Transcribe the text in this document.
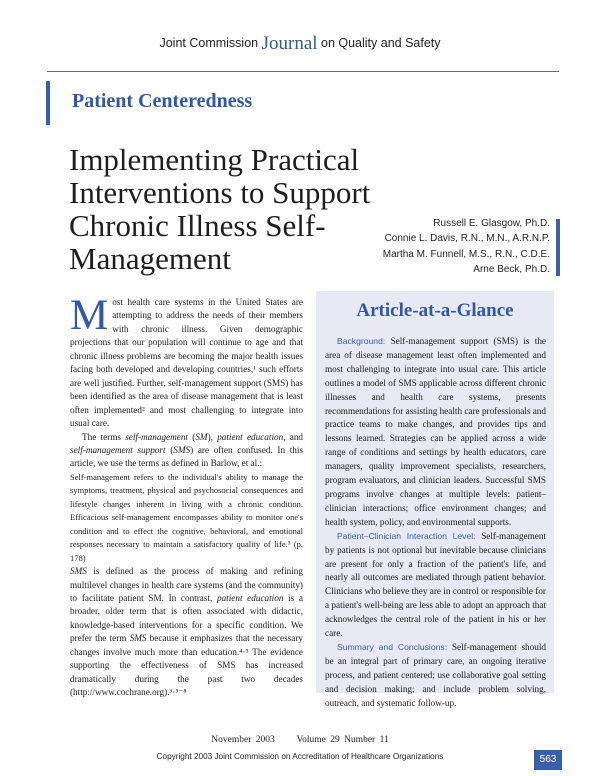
Joint Commission Journal on Quality and Safety
Patient Centeredness
Implementing Practical Interventions to Support Chronic Illness Self-Management
Russell E. Glasgow, Ph.D.
Connie L. Davis, R.N., M.N., A.R.N.P.
Martha M. Funnell, M.S., R.N., C.D.E.
Arne Beck, Ph.D.

Most health care systems in the United States are attempting to address the needs of their members with chronic illness. Given demographic projections that our population will continue to age and that chronic illness problems are becoming the major health issues facing both developed and developing countries,¹ such efforts are well justified. Further, self-management support (SMS) has been identified as the area of disease management that is least often implemented² and most challenging to integrate into usual care.

The terms self-management (SM), patient education, and self-management support (SMS) are often confused. In this article, we use the terms as defined in Barlow, et al.:

Self-management refers to the individual's ability to manage the symptoms, treatment, physical and psychosocial consequences and lifestyle changes inherent in living with a chronic condition. Efficacious self-management encompasses ability to monitor one's condition and to effect the cognitive, behavioral, and emotional responses necessary to maintain a satisfactory quality of life.³ (p. 178)

SMS is defined as the process of making and refining multilevel changes in health care systems (and the community) to facilitate patient SM. In contrast, patient education is a broader, older term that is often associated with didactic, knowledge-based interventions for a specific condition. We prefer the term SMS because it emphasizes that the necessary changes involve much more than education.⁴·⁵ The evidence supporting the effectiveness of SMS has increased dramatically during the past two decades (http://www.cochrane.org).³·⁵⁻⁸

Article-at-a-Glance

Background: Self-management support (SMS) is the area of disease management least often implemented and most challenging to integrate into usual care. This article outlines a model of SMS applicable across different chronic illnesses and health care systems, presents recommendations for assisting health care professionals and practice teams to make changes, and provides tips and lessons learned. Strategies can be applied across a wide range of conditions and settings by health educators, care managers, quality improvement specialists, researchers, program evaluators, and clinician leaders. Successful SMS programs involve changes at multiple levels: patient–clinician interactions; office environment changes; and health system, policy, and environmental supports.

Patient–Clinician Interaction Level: Self-management by patients is not optional but inevitable because clinicians are present for only a fraction of the patient's life, and nearly all outcomes are mediated through patient behavior. Clinicians who believe they are in control or responsible for a patient's well-being are less able to adopt an approach that acknowledges the central role of the patient in his or her care.

Summary and Conclusions: Self-management should be an integral part of primary care, an ongoing iterative process, and patient centered; use collaborative goal setting and decision making; and include problem solving, outreach, and systematic follow-up.

November 2003     Volume 29 Number 11
Copyright 2003 Joint Commission on Accreditation of Healthcare Organizations	563
